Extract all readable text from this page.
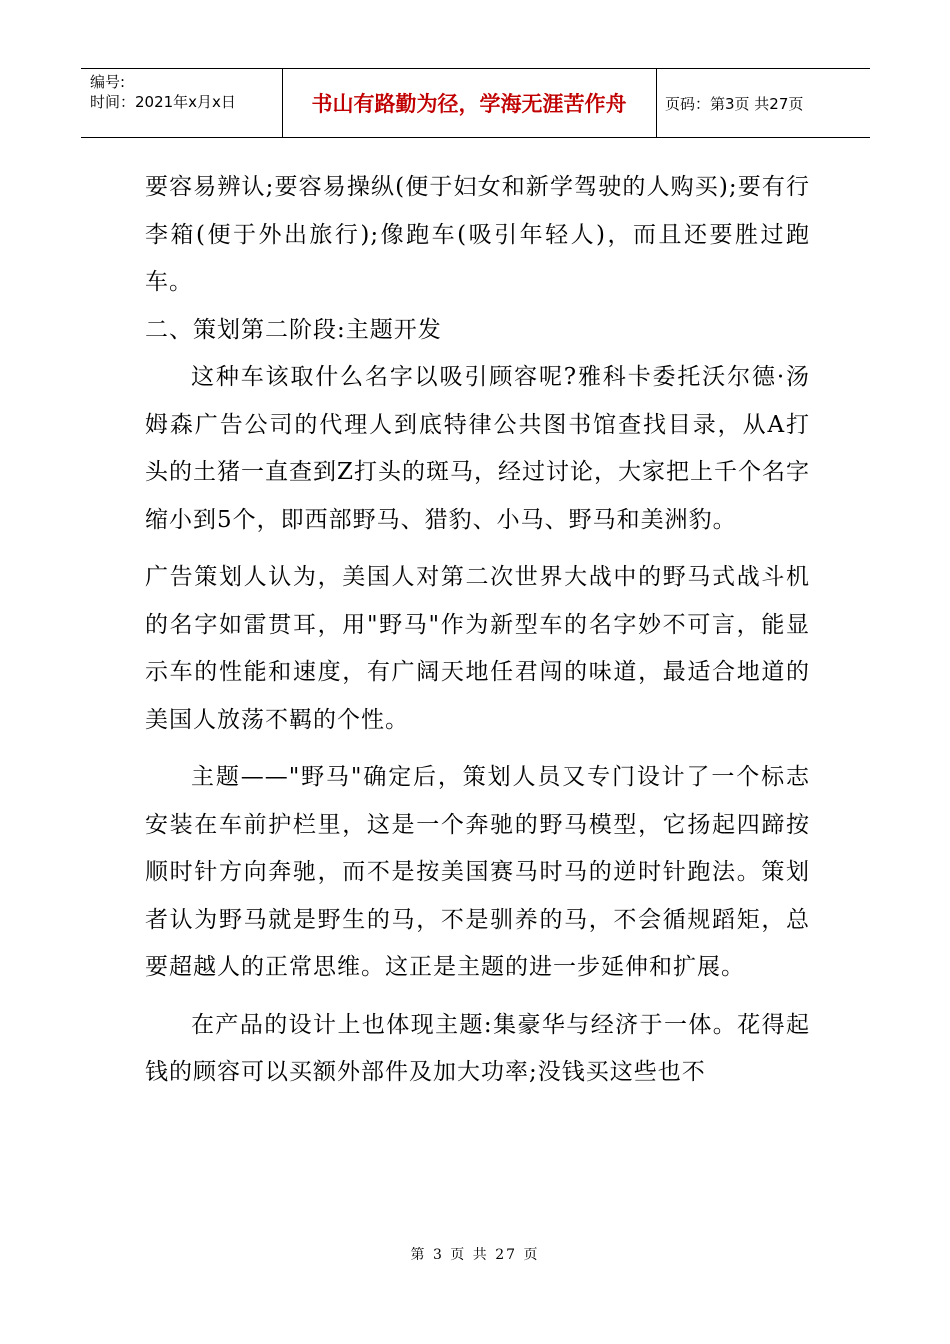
编号:
时间：2021年x月x日	书山有路勤为径，学海无涯苦作舟	页码：第3页 共27页

要容易辨认;要容易操纵(便于妇女和新学驾驶的人购买);要有行李箱(便于外出旅行);像跑车(吸引年轻人)，而且还要胜过跑车。

二、策划第二阶段:主题开发

这种车该取什么名字以吸引顾容呢?雅科卡委托沃尔德·汤姆森广告公司的代理人到底特律公共图书馆查找目录，从A打头的土猪一直查到Z打头的斑马，经过讨论，大家把上千个名字缩小到5个，即西部野马、猎豹、小马、野马和美洲豹。

广告策划人认为，美国人对第二次世界大战中的野马式战斗机的名字如雷贯耳，用"野马"作为新型车的名字妙不可言，能显示车的性能和速度，有广阔天地任君闯的味道，最适合地道的美国人放荡不羁的个性。

主题——"野马"确定后，策划人员又专门设计了一个标志安装在车前护栏里，这是一个奔驰的野马模型，它扬起四蹄按顺时针方向奔驰，而不是按美国赛马时马的逆时针跑法。策划者认为野马就是野生的马，不是驯养的马，不会循规蹈矩，总要超越人的正常思维。这正是主题的进一步延伸和扩展。

在产品的设计上也体现主题:集豪华与经济于一体。花得起钱的顾容可以买额外部件及加大功率;没钱买这些也不

第 3 页 共 27 页
